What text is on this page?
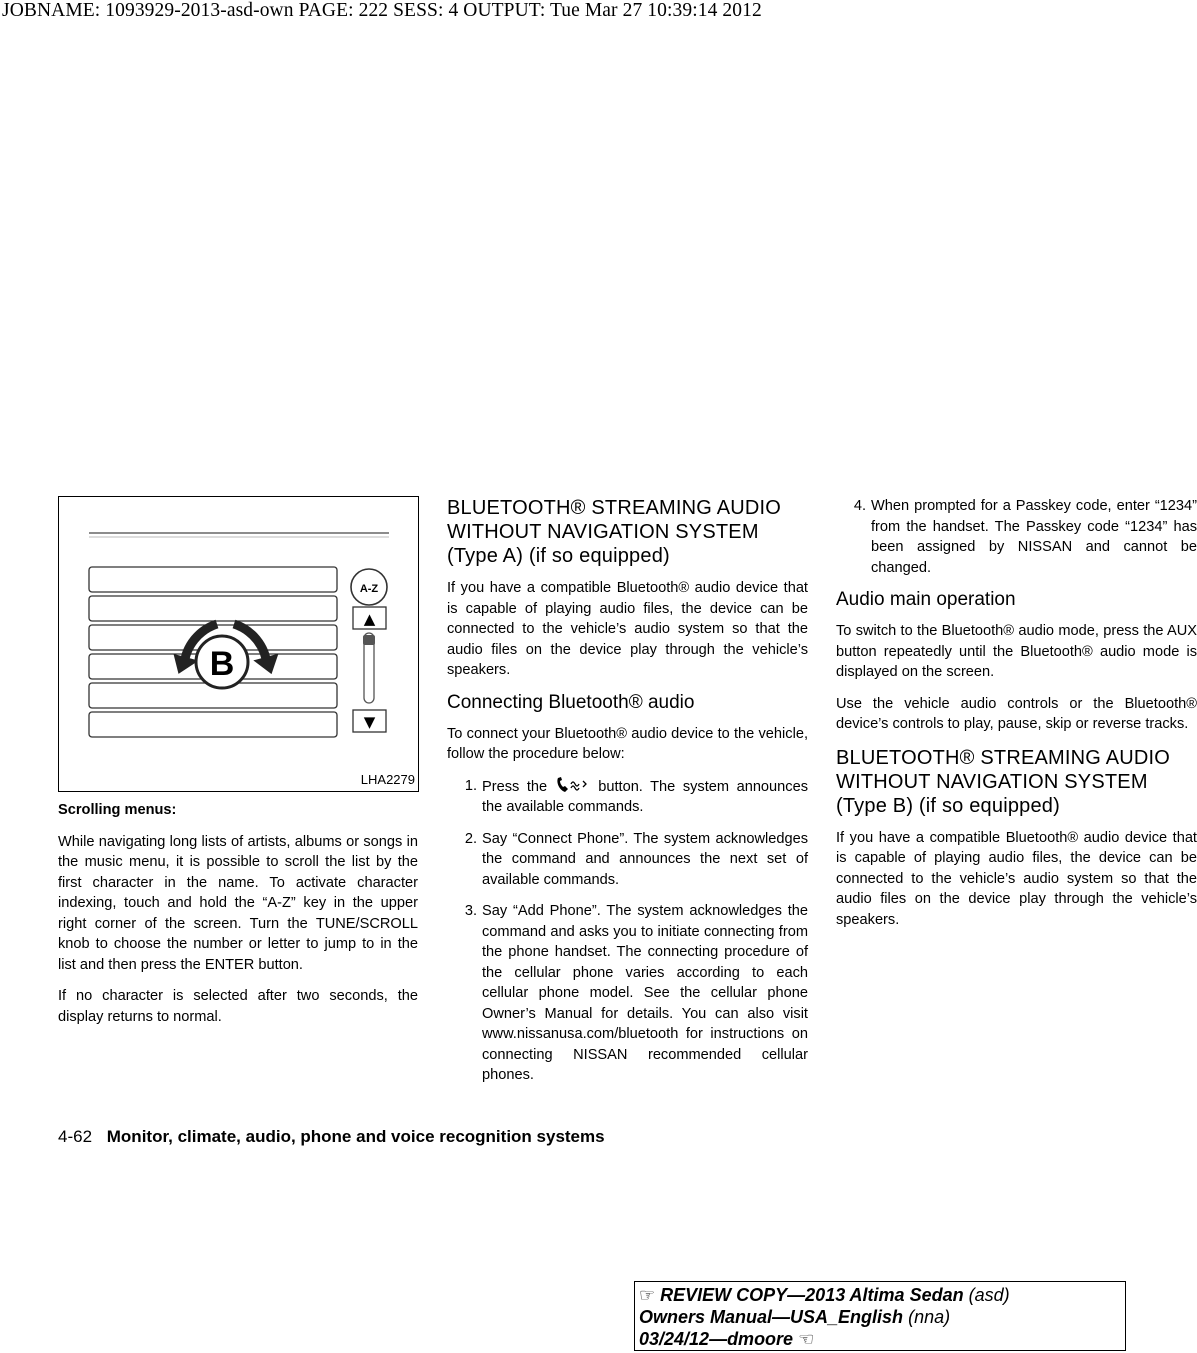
JOBNAME: 1093929-2013-asd-own PAGE: 222 SESS: 4 OUTPUT: Tue Mar 27 10:39:14 2012
A-Z
▲
▼
B
LHA2279

Scrolling menus:

While navigating long lists of artists, albums or songs in the music menu, it is possible to scroll the list by the first character in the name. To activate character indexing, touch and hold the “A-Z” key in the upper right corner of the screen. Turn the TUNE/SCROLL knob to choose the number or letter to jump to in the list and then press the ENTER button.

If no character is selected after two seconds, the display returns to normal.

BLUETOOTH® STREAMING AUDIO
WITHOUT NAVIGATION SYSTEM
(Type A) (if so equipped)

If you have a compatible Bluetooth® audio device that is capable of playing audio files, the device can be connected to the vehicle’s audio system so that the audio files on the device play through the vehicle’s speakers.

Connecting Bluetooth® audio

To connect your Bluetooth® audio device to the vehicle, follow the procedure below:

1. Press the	button. The system announces the available commands.
2. Say “Connect Phone”. The system acknowledges the command and announces the next set of available commands.
3. Say “Add Phone”. The system acknowledges the command and asks you to initiate connecting from the phone handset. The connecting procedure of the cellular phone varies according to each cellular phone model. See the cellular phone Owner’s Manual for details. You can also visit www.nissanusa.com/bluetooth for instructions on connecting NISSAN recommended cellular phones.
4. When prompted for a Passkey code, enter “1234” from the handset. The Passkey code “1234” has been assigned by NISSAN and cannot be changed.
Audio main operation

To switch to the Bluetooth® audio mode, press the AUX button repeatedly until the Bluetooth® audio mode is displayed on the screen.

Use the vehicle audio controls or the Bluetooth® device’s controls to play, pause, skip or reverse tracks.

BLUETOOTH® STREAMING AUDIO
WITHOUT NAVIGATION SYSTEM
(Type B) (if so equipped)

If you have a compatible Bluetooth® audio device that is capable of playing audio files, the device can be connected to the vehicle’s audio system so that the audio files on the device play through the vehicle’s speakers.

4-62 Monitor, climate, audio, phone and voice recognition systems
☞ REVIEW COPY—2013 Altima Sedan (asd)
Owners Manual—USA_English (nna)
03/24/12—dmoore ☜
